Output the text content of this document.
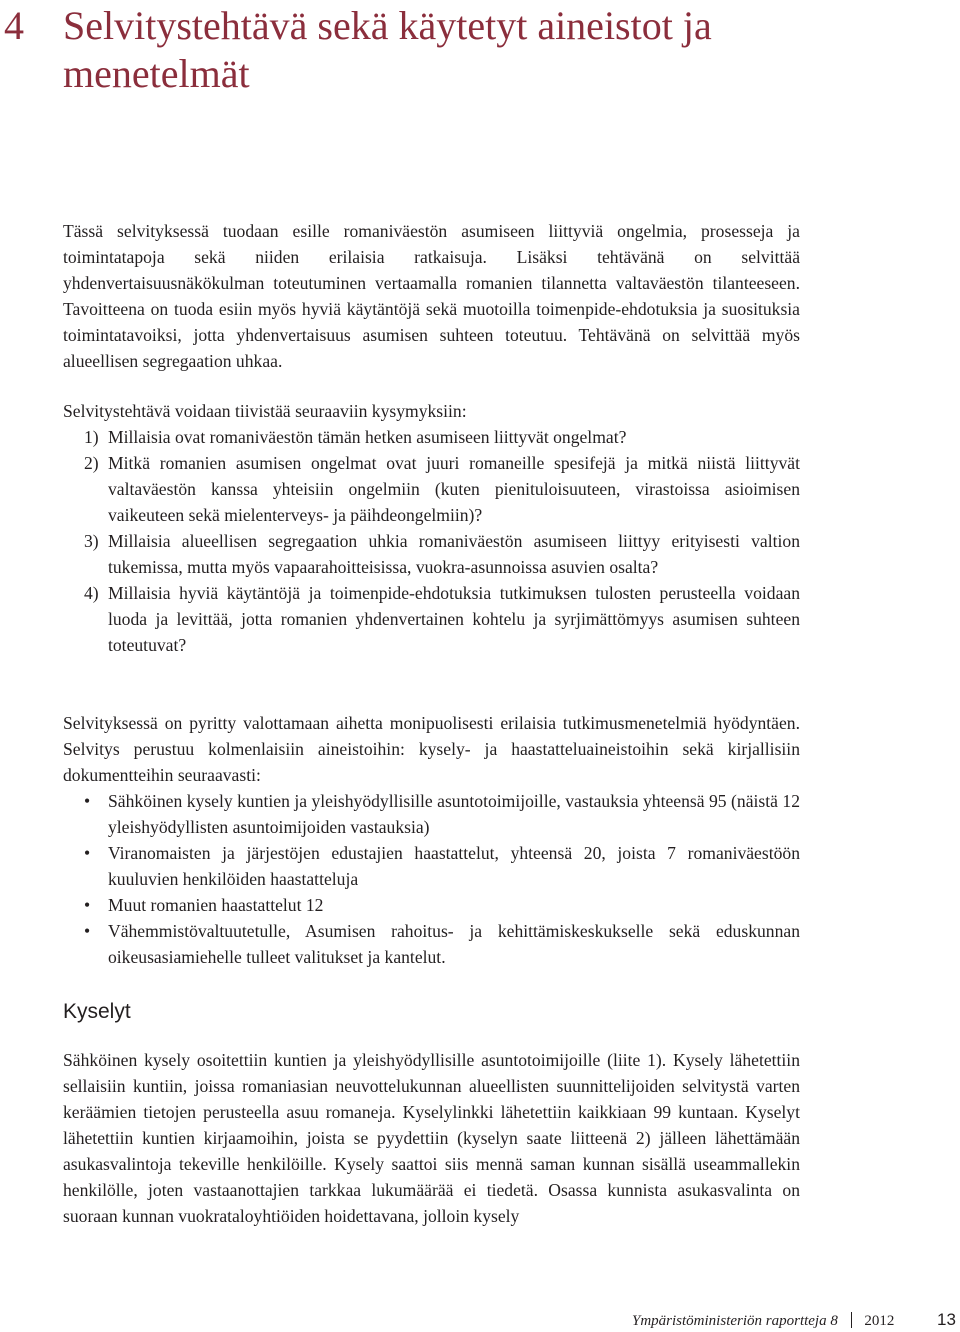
4 Selvitystehtävä sekä käytetyt aineistot ja menetelmät

Tässä selvityksessä tuodaan esille romaniväestön asumiseen liittyviä ongelmia, prosesseja ja toimintatapoja sekä niiden erilaisia ratkaisuja. Lisäksi tehtävänä on selvittää yhdenvertaisuusnäkökulman toteutuminen vertaamalla romanien tilannetta valtaväestön tilanteeseen. Tavoitteena on tuoda esiin myös hyviä käytäntöjä sekä muotoilla toimenpide-ehdotuksia ja suosituksia toimintatavoiksi, jotta yhdenvertaisuus asumisen suhteen toteutuu. Tehtävänä on selvittää myös alueellisen segregaation uhkaa.

Selvitystehtävä voidaan tiivistää seuraaviin kysymyksiin:

1) Millaisia ovat romaniväestön tämän hetken asumiseen liittyvät ongelmat?
2) Mitkä romanien asumisen ongelmat ovat juuri romaneille spesifejä ja mitkä niistä liittyvät valtaväestön kanssa yhteisiin ongelmiin (kuten pienituloisuuteen, virastoissa asioimisen vaikeuteen sekä mielenterveys- ja päihdeongelmiin)?
3) Millaisia alueellisen segregaation uhkia romaniväestön asumiseen liittyy erityisesti valtion tukemissa, mutta myös vapaarahoitteisissa, vuokra-asunnoissa asuvien osalta?
4) Millaisia hyviä käytäntöjä ja toimenpide-ehdotuksia tutkimuksen tulosten perusteella voidaan luoda ja levittää, jotta romanien yhdenvertainen kohtelu ja syrjimättömyys asumisen suhteen toteutuvat?

Selvityksessä on pyritty valottamaan aihetta monipuolisesti erilaisia tutkimusmenetelmiä hyödyntäen. Selvitys perustuu kolmenlaisiin aineistoihin: kysely- ja haastatteluaineistoihin sekä kirjallisiin dokumentteihin seuraavasti:

• Sähköinen kysely kuntien ja yleishyödyllisille asuntotoimijoille, vastauksia yhteensä 95 (näistä 12 yleishyödyllisten asuntoimijoiden vastauksia)
• Viranomaisten ja järjestöjen edustajien haastattelut, yhteensä 20, joista 7 romaniväestöön kuuluvien henkilöiden haastatteluja
• Muut romanien haastattelut 12
• Vähemmistövaltuutetulle, Asumisen rahoitus- ja kehittämiskeskukselle sekä eduskunnan oikeusasiamiehelle tulleet valitukset ja kantelut.
Kyselyt

Sähköinen kysely osoitettiin kuntien ja yleishyödyllisille asuntotoimijoille (liite 1). Kysely lähetettiin sellaisiin kuntiin, joissa romaniasian neuvottelukunnan alueellisten suunnittelijoiden selvitystä varten keräämien tietojen perusteella asuu romaneja. Kyselylinkki lähetettiin kaikkiaan 99 kuntaan. Kyselyt lähetettiin kuntien kirjaamoihin, joista se pyydettiin (kyselyn saate liitteenä 2) jälleen lähettämään asukasvalintoja tekeville henkilöille. Kysely saattoi siis mennä saman kunnan sisällä useammallekin henkilölle, joten vastaanottajien tarkkaa lukumäärää ei tiedetä. Osassa kunnista asukasvalinta on suoraan kunnan vuokrataloyhtiöiden hoidettavana, jolloin kysely

Ympäristöministeriön raportteja 8 2012	13
